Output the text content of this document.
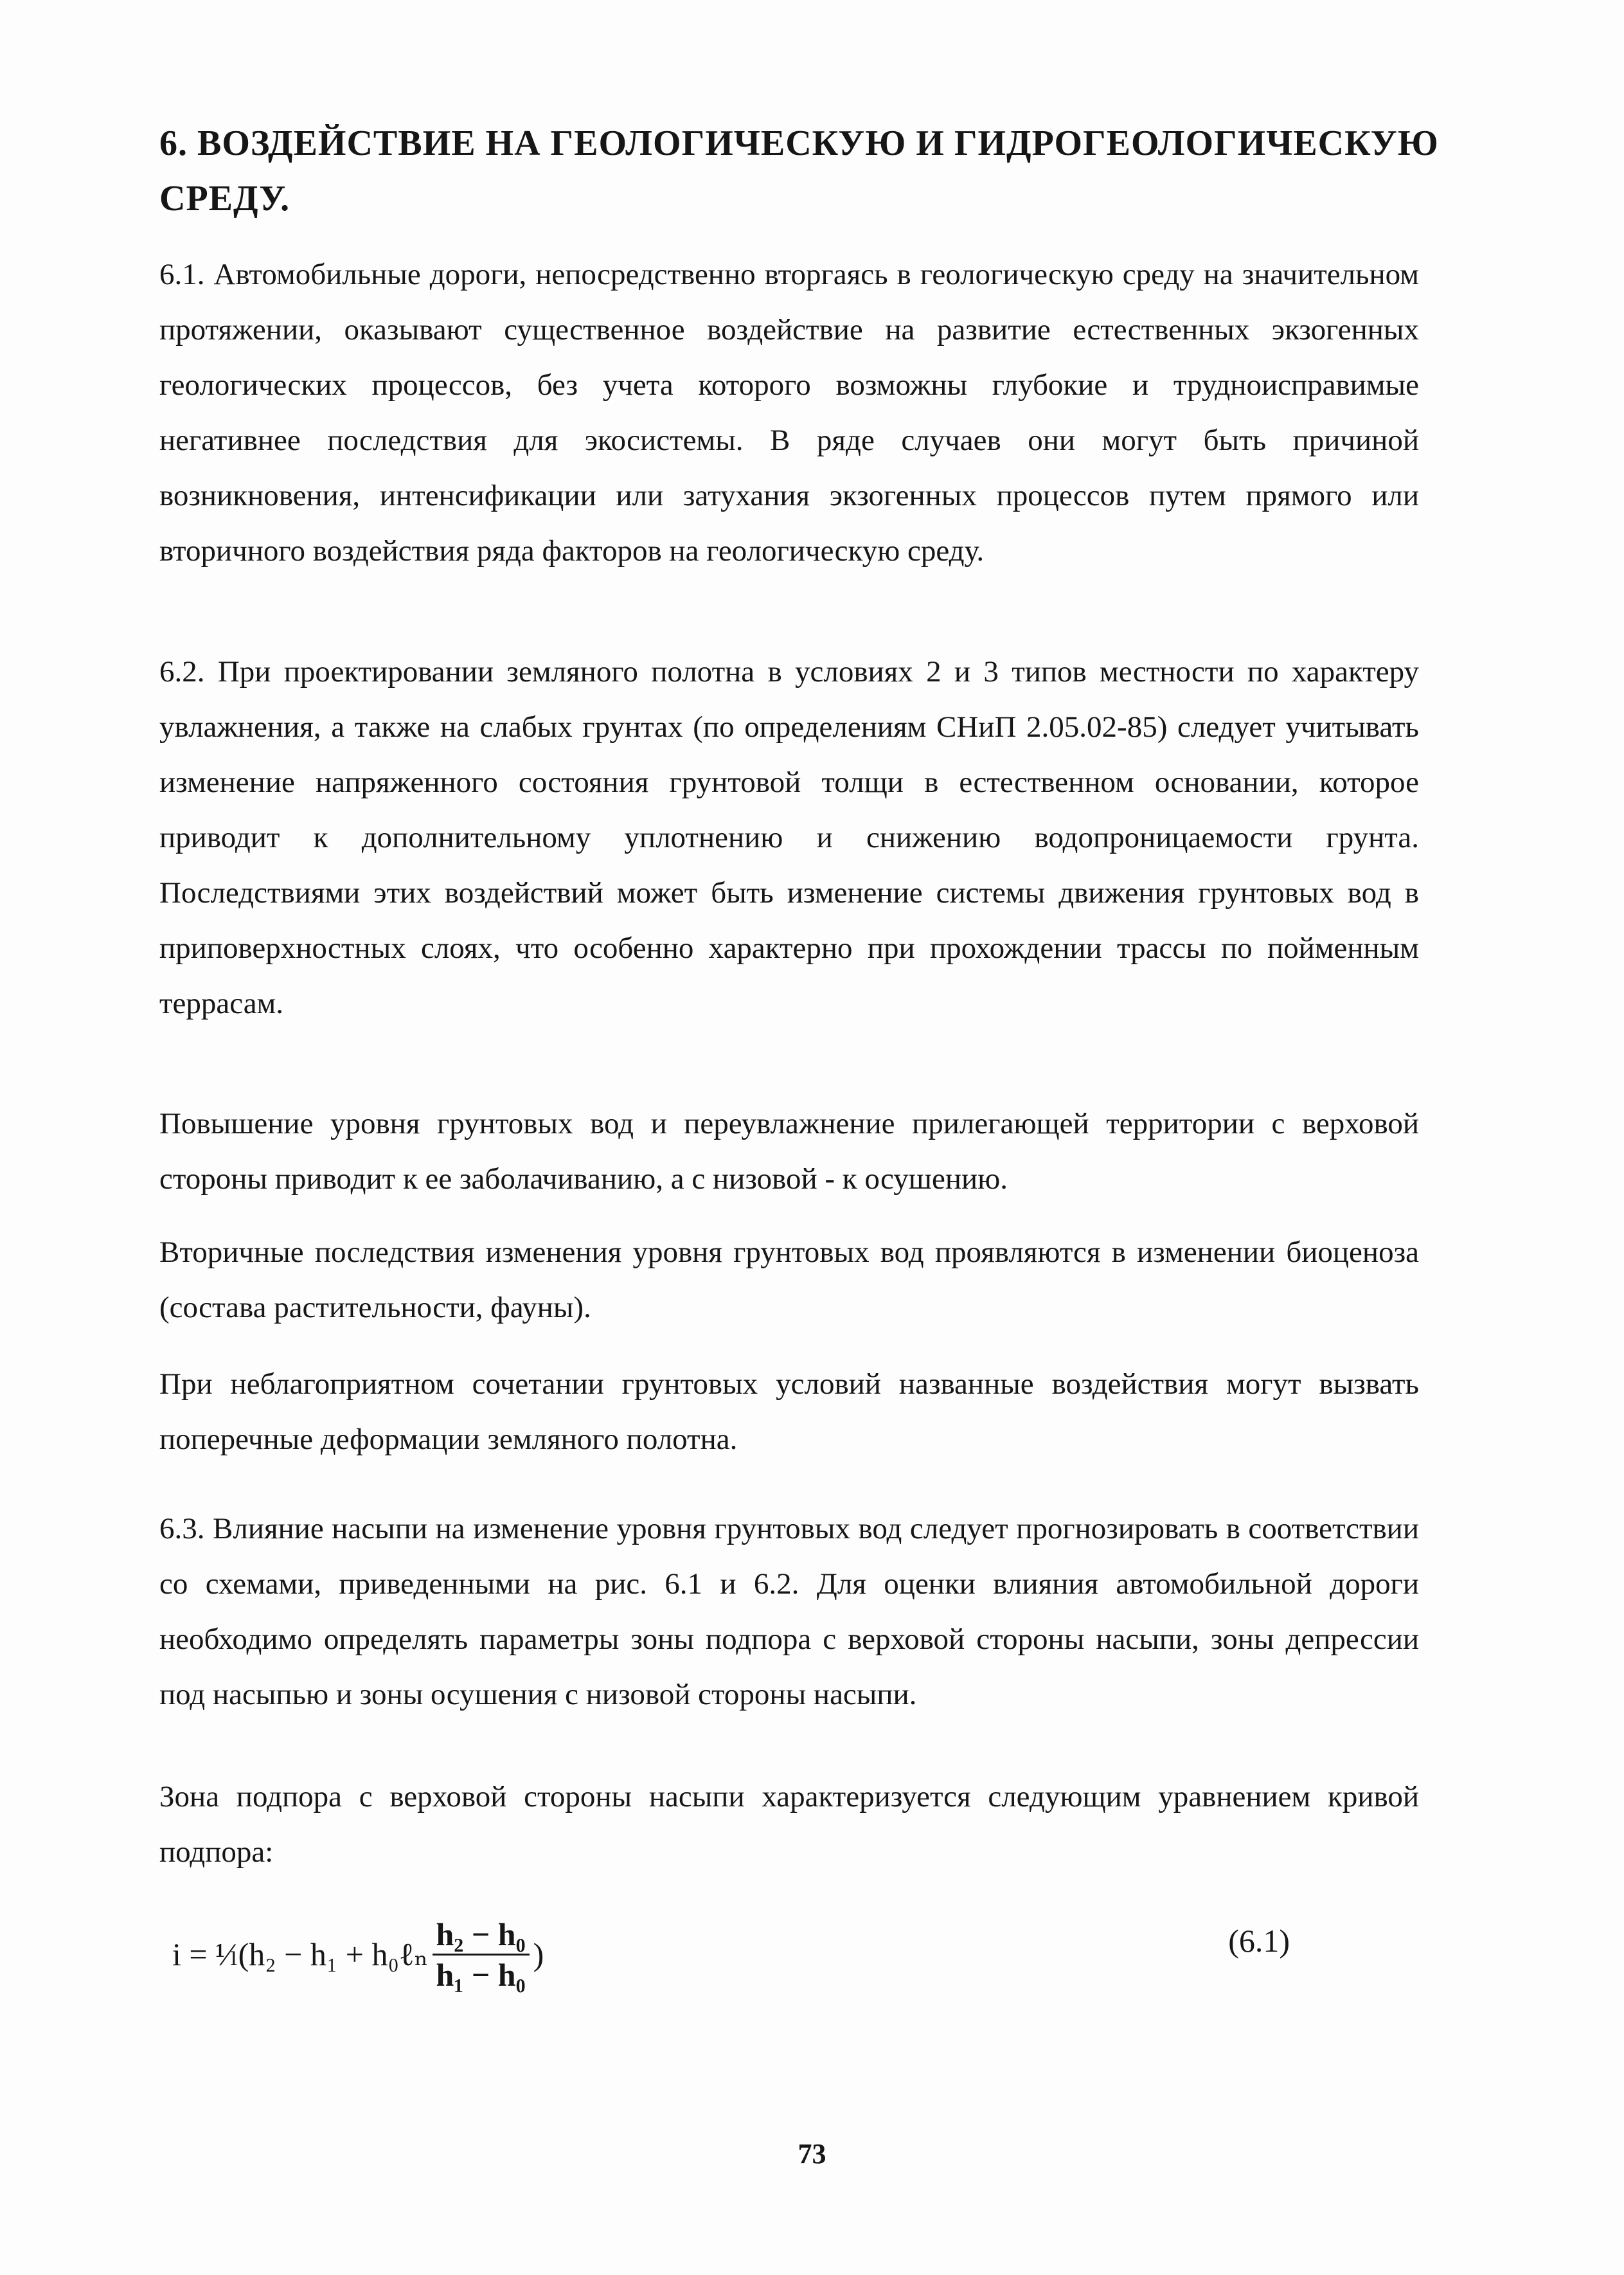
6. ВОЗДЕЙСТВИЕ НА ГЕОЛОГИЧЕСКУЮ И ГИДРОГЕОЛОГИЧЕСКУЮ СРЕДУ.

6.1. Автомобильные дороги, непосредственно вторгаясь в геологическую среду на значительном протяжении, оказывают существенное воздействие на развитие естественных экзогенных геологических процессов, без учета которого возможны глубокие и трудноисправимые негативнее последствия для экосистемы. В ряде случаев они могут быть причиной возникновения, интенсификации или затухания экзогенных процессов путем прямого или вторичного воздействия ряда факторов на геологическую среду.

6.2. При проектировании земляного полотна в условиях 2 и 3 типов местности по характеру увлажнения, а также на слабых грунтах (по определениям СНиП 2.05.02-85) следует учитывать изменение напряженного состояния грунтовой толщи в естественном основании, которое приводит к дополнительному уплотнению и снижению водопроницаемости грунта. Последствиями этих воздействий может быть изменение системы движения грунтовых вод в приповерхностных слоях, что особенно характерно при прохождении трассы по пойменным террасам.

Повышение уровня грунтовых вод и переувлажнение прилегающей территории с верховой стороны приводит к ее заболачиванию, а с низовой - к осушению.

Вторичные последствия изменения уровня грунтовых вод проявляются в изменении биоценоза (состава растительности, фауны).

При неблагоприятном сочетании грунтовых условий названные воздействия могут вызвать поперечные деформации земляного полотна.

6.3. Влияние насыпи на изменение уровня грунтовых вод следует прогнозировать в соответствии со схемами, приведенными на рис. 6.1 и 6.2. Для оценки влияния автомобильной дороги необходимо определять параметры зоны подпора с верховой стороны насыпи, зоны депрессии под насыпью и зоны осушения с низовой стороны насыпи.

Зона подпора с верховой стороны насыпи характеризуется следующим уравнением кривой подпора:

i = ¹⁄ₗ(h₂ − h₁ + h₀ℓₙ $\frac{\text{h₂ − h₀}}{\text{h₁ − h₀}}$ )	(6.1)
73
